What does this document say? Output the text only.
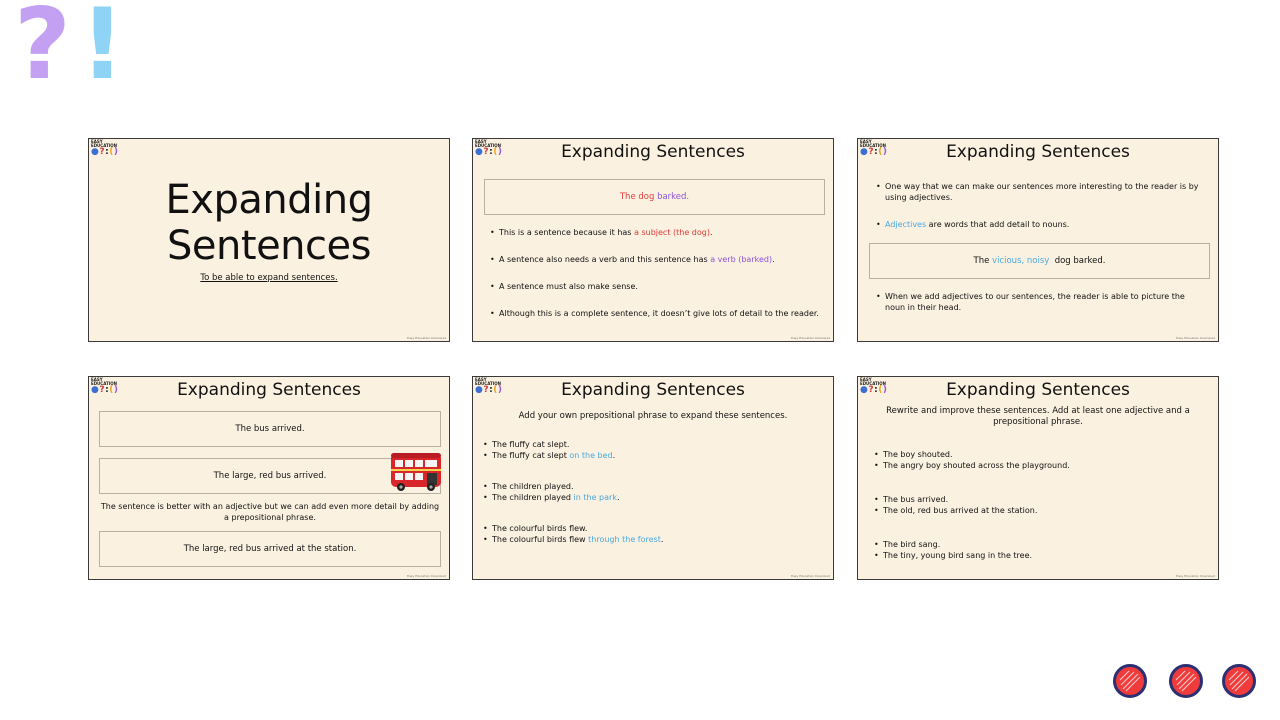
? !
EASY EDUCATION
●?:()
Expanding Sentences
To be able to expand sentences.
Easy Education Download
EASY EDUCATION
●?:()	Expanding Sentences
The dog barked.
• This is a sentence because it has a subject (the dog).
• A sentence also needs a verb and this sentence has a verb (barked).
• A sentence must also make sense.
• Although this is a complete sentence, it doesn’t give lots of detail to the reader.
Easy Education Download
EASY EDUCATION
●?:()	Expanding Sentences
• One way that we can make our sentences more interesting to the reader is by using adjectives.
• Adjectives are words that add detail to nouns.
The vicious, noisy  dog barked.
• When we add adjectives to our sentences, the reader is able to picture the noun in their head.
Easy Education Download
EASY EDUCATION
●?:()	Expanding Sentences
The bus arrived.
The large, red bus arrived.
The sentence is better with an adjective but we can add even more detail by adding a prepositional phrase.
The large, red bus arrived at the station.
Easy Education Download
EASY EDUCATION
●?:()	Expanding Sentences
Add your own prepositional phrase to expand these sentences.
• The fluffy cat slept.
• The fluffy cat slept on the bed.
• The children played.
• The children played in the park.
• The colourful birds flew.
• The colourful birds flew through the forest.
Easy Education Download
EASY EDUCATION
●?:()	Expanding Sentences
Rewrite and improve these sentences. Add at least one adjective and a prepositional phrase.
• The boy shouted.
• The angry boy shouted across the playground.
• The bus arrived.
• The old, red bus arrived at the station.
• The bird sang.
• The tiny, young bird sang in the tree.
Easy Education Download
